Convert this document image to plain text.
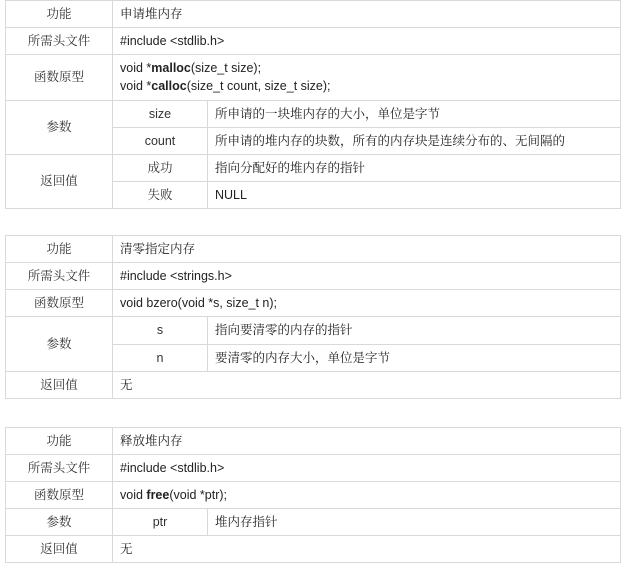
功能	申请堆内存	
所需头文件	#include <stdlib.h>	
函数原型	void *malloc(size_t size);
void *calloc(size_t count, size_t size);	

参数	size	所申请的一块堆内存的大小，单位是字节
	count	所申请的堆内存的块数，所有的内存块是连续分布的、无间隔的
返回值	成功	指向分配好的堆内存的指针
	失败	NULL
功能	清零指定内存	
所需头文件	#include <strings.h>	
函数原型	void bzero(void *s, size_t n);	

参数	s	指向要清零的内存的指针
	n	要清零的内存大小，单位是字节
返回值	无	
功能	释放堆内存	
所需头文件	#include <stdlib.h>	
函数原型	void free(void *ptr);	

参数	ptr	堆内存指针
返回值	无	
